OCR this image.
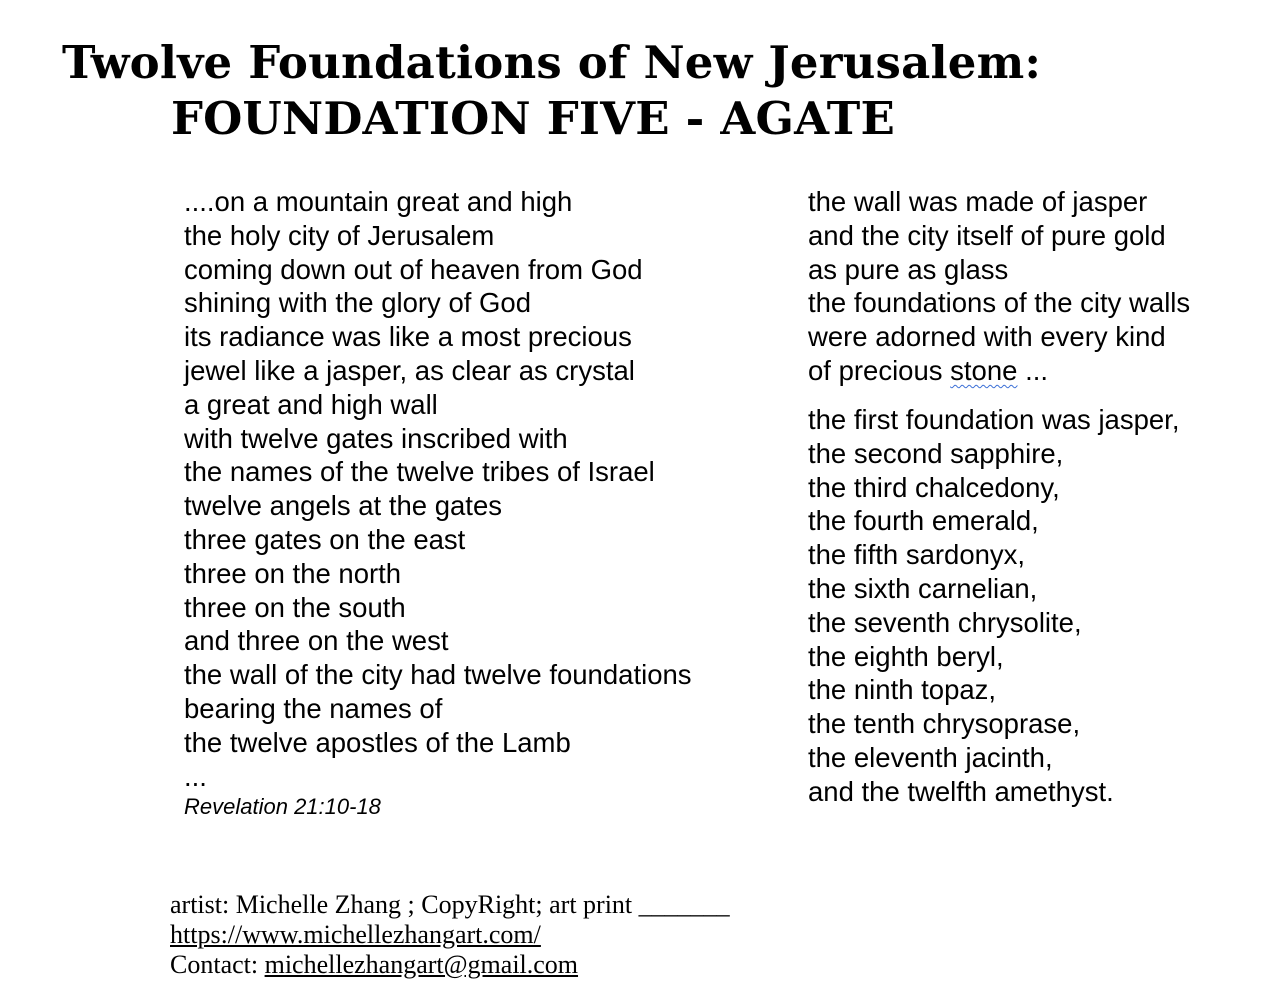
Twolve Foundations of New Jerusalem:
FOUNDATION FIVE - AGATE
....on a mountain great and high
the holy city of Jerusalem
coming down out of heaven from God
shining with the glory of God
its radiance was like a most precious
jewel like a jasper, as clear as crystal
a great and high wall
with twelve gates inscribed with
the names of the twelve tribes of Israel
twelve angels at the gates
three gates on the east
three on the north
three on the south
and three on the west
the wall of the city had twelve foundations
bearing the names of
the twelve apostles of the Lamb
...
Revelation 21:10-18
the wall was made of jasper
and the city itself of pure gold
as pure as glass
the foundations of the city walls
were adorned with every kind
of precious stone ...
the first foundation was jasper,
the second sapphire,
the third chalcedony,
the fourth emerald,
the fifth sardonyx,
the sixth carnelian,
the seventh chrysolite,
the eighth beryl,
the ninth topaz,
the tenth chrysoprase,
the eleventh jacinth,
and the twelfth amethyst.
artist: Michelle Zhang ; CopyRight; art print _______
https://www.michellezhangart.com/
Contact: michellezhangart@gmail.com
